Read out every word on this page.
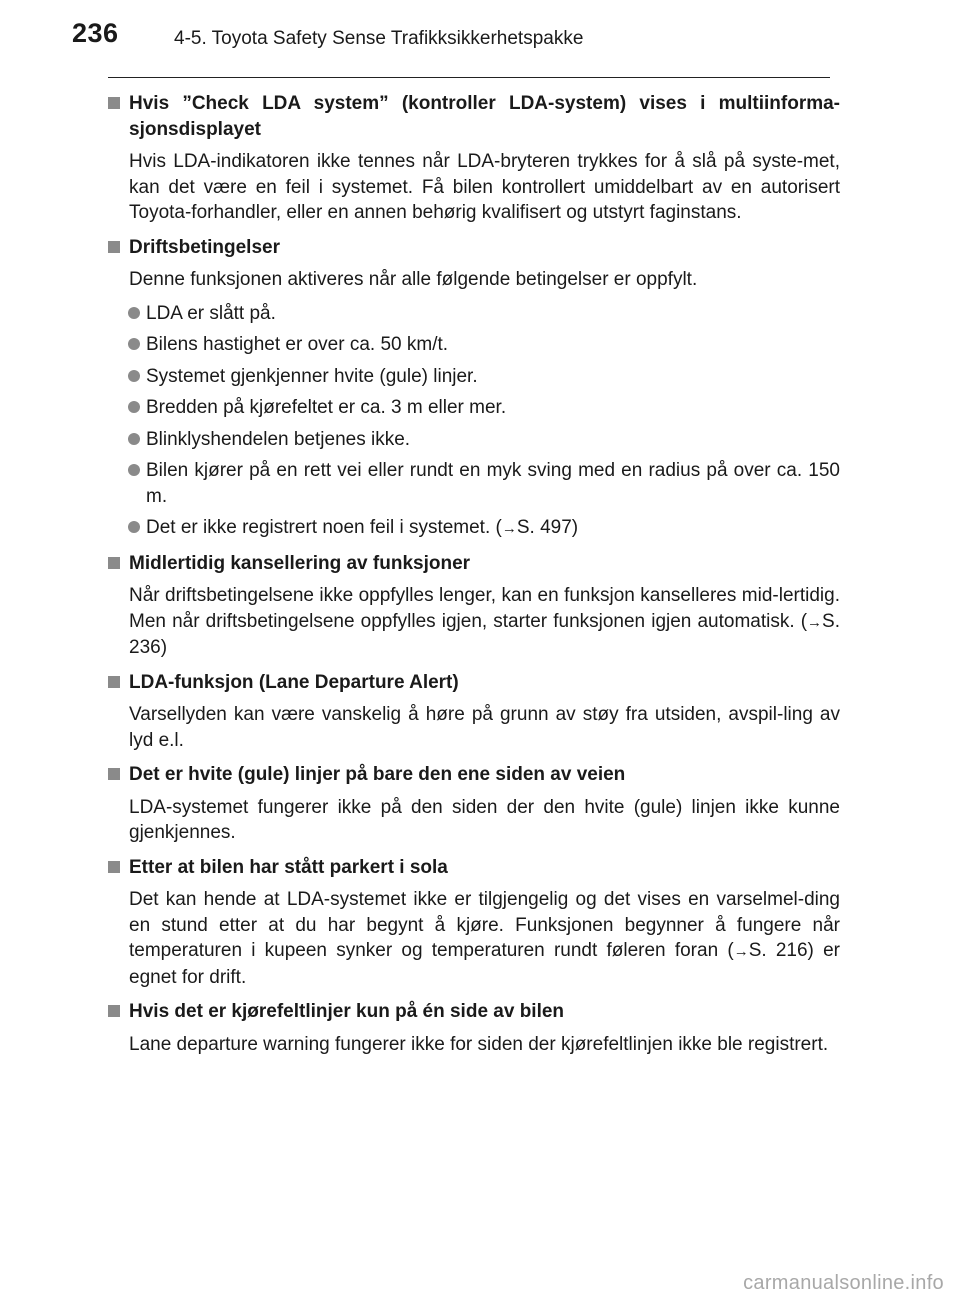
236	4-5. Toyota Safety Sense Trafikksikkerhetspakke
Hvis ”Check LDA system” (kontroller LDA-system) vises i multiinforma-sjonsdisplayet
Hvis LDA-indikatoren ikke tennes når LDA-bryteren trykkes for å slå på syste-met, kan det være en feil i systemet. Få bilen kontrollert umiddelbart av en autorisert Toyota-forhandler, eller en annen behørig kvalifisert og utstyrt faginstans.
Driftsbetingelser
Denne funksjonen aktiveres når alle følgende betingelser er oppfylt.
LDA er slått på.
Bilens hastighet er over ca. 50 km/t.
Systemet gjenkjenner hvite (gule) linjer.
Bredden på kjørefeltet er ca. 3 m eller mer.
Blinklyshendelen betjenes ikke.
Bilen kjører på en rett vei eller rundt en myk sving med en radius på over ca. 150 m.
Det er ikke registrert noen feil i systemet. (→S. 497)
Midlertidig kansellering av funksjoner
Når driftsbetingelsene ikke oppfylles lenger, kan en funksjon kanselleres mid-lertidig. Men når driftsbetingelsene oppfylles igjen, starter funksjonen igjen automatisk. (→S. 236)
LDA-funksjon (Lane Departure Alert)
Varsellyden kan være vanskelig å høre på grunn av støy fra utsiden, avspil-ling av lyd e.l.
Det er hvite (gule) linjer på bare den ene siden av veien
LDA-systemet fungerer ikke på den siden der den hvite (gule) linjen ikke kunne gjenkjennes.
Etter at bilen har stått parkert i sola
Det kan hende at LDA-systemet ikke er tilgjengelig og det vises en varselmel-ding en stund etter at du har begynt å kjøre. Funksjonen begynner å fungere når temperaturen i kupeen synker og temperaturen rundt føleren foran (→S. 216) er egnet for drift.
Hvis det er kjørefeltlinjer kun på én side av bilen
Lane departure warning fungerer ikke for siden der kjørefeltlinjen ikke ble registrert.
carmanualsonline.info
